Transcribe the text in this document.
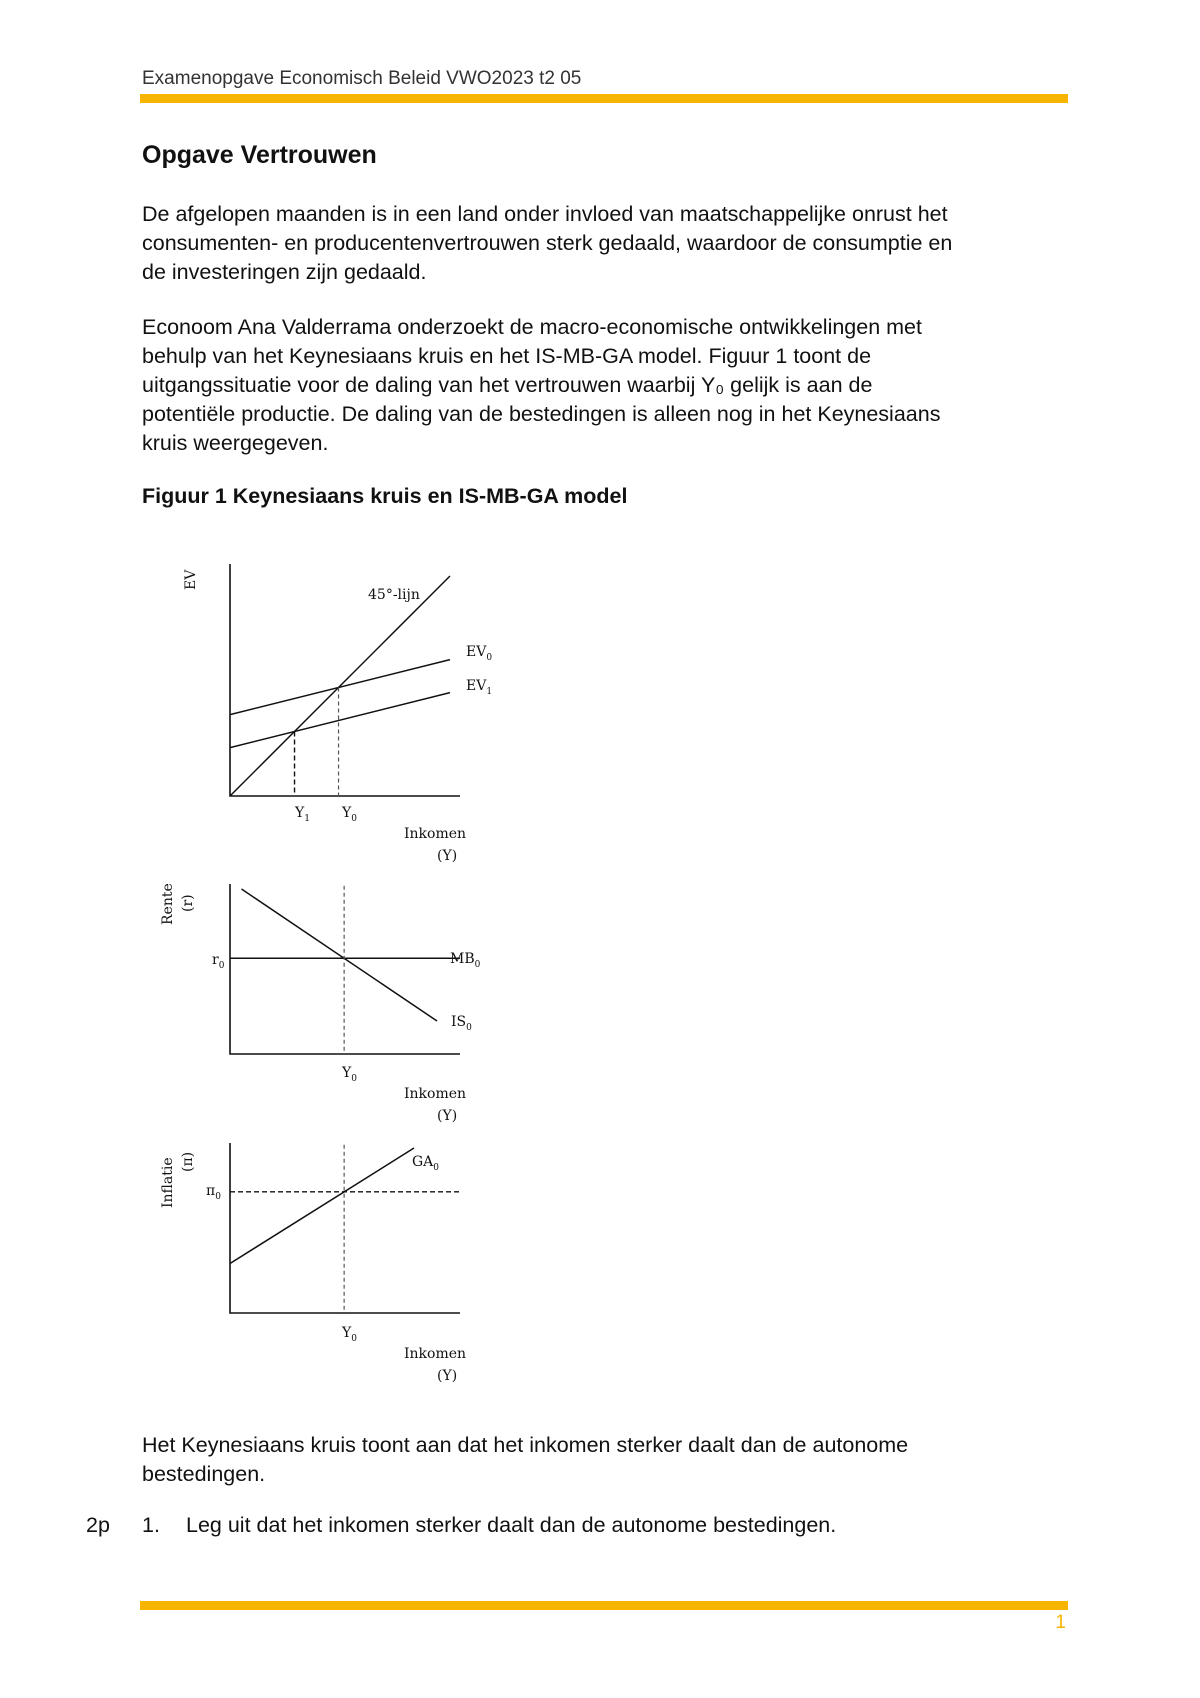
Examenopgave Economisch Beleid VWO2023 t2 05
Opgave Vertrouwen
De afgelopen maanden is in een land onder invloed van maatschappelijke onrust het
consumenten- en producentenvertrouwen sterk gedaald, waardoor de consumptie en
de investeringen zijn gedaald.
Econoom Ana Valderrama onderzoekt de macro-economische ontwikkelingen met
behulp van het Keynesiaans kruis en het IS-MB-GA model. Figuur 1 toont de
uitgangssituatie voor de daling van het vertrouwen waarbij Y₀ gelijk is aan de
potentiële productie. De daling van de bestedingen is alleen nog in het Keynesiaans
kruis weergegeven.
Figuur 1 Keynesiaans kruis en IS-MB-GA model
EV
45°-lijn
$EV_0$
$EV_1$
$Y_1$ $Y_0$
Inkomen
(Y)
Rente (r)
$r_0$	$MB_0$
$IS_0$
$Y_0$
Inkomen
(Y)
Inflatie (π)
$\pi_0$
$GA_0$
$Y_0$
Inkomen
(Y)
Het Keynesiaans kruis toont aan dat het inkomen sterker daalt dan de autonome
bestedingen.
2p 1. Leg uit dat het inkomen sterker daalt dan de autonome bestedingen.
1
